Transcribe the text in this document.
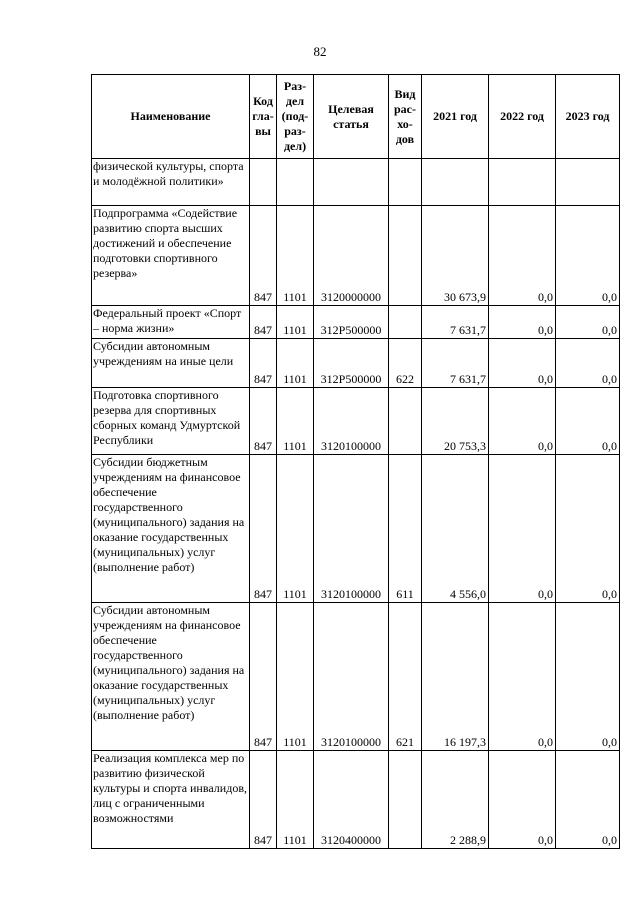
82
Наименование	Код гла-вы	Раз-дел (под-раз-дел)	Целевая статья	Вид рас-хо-дов	2021 год	2022 год	2023 год
физической культуры, спорта и молодёжной политики»							
Подпрограмма «Содействие развитию спорта высших достижений и обеспечение подготовки спортивного резерва»	847	1101	3120000000		30 673,9	0,0	0,0
Федеральный проект «Спорт – норма жизни»	847	1101	312P500000		7 631,7	0,0	0,0
Субсидии автономным учреждениям на иные цели	847	1101	312P500000	622	7 631,7	0,0	0,0
Подготовка спортивного резерва для спортивных сборных команд Удмуртской Республики	847	1101	3120100000		20 753,3	0,0	0,0
Субсидии бюджетным учреждениям на финансовое обеспечение государственного (муниципального) задания на оказание государственных (муниципальных) услуг (выполнение работ)	847	1101	3120100000	611	4 556,0	0,0	0,0
Субсидии автономным учреждениям на финансовое обеспечение государственного (муниципального) задания на оказание государственных (муниципальных) услуг (выполнение работ)	847	1101	3120100000	621	16 197,3	0,0	0,0
Реализация комплекса мер по развитию физической культуры и спорта инвалидов, лиц с ограниченными возможностями	847	1101	3120400000		2 288,9	0,0	0,0
